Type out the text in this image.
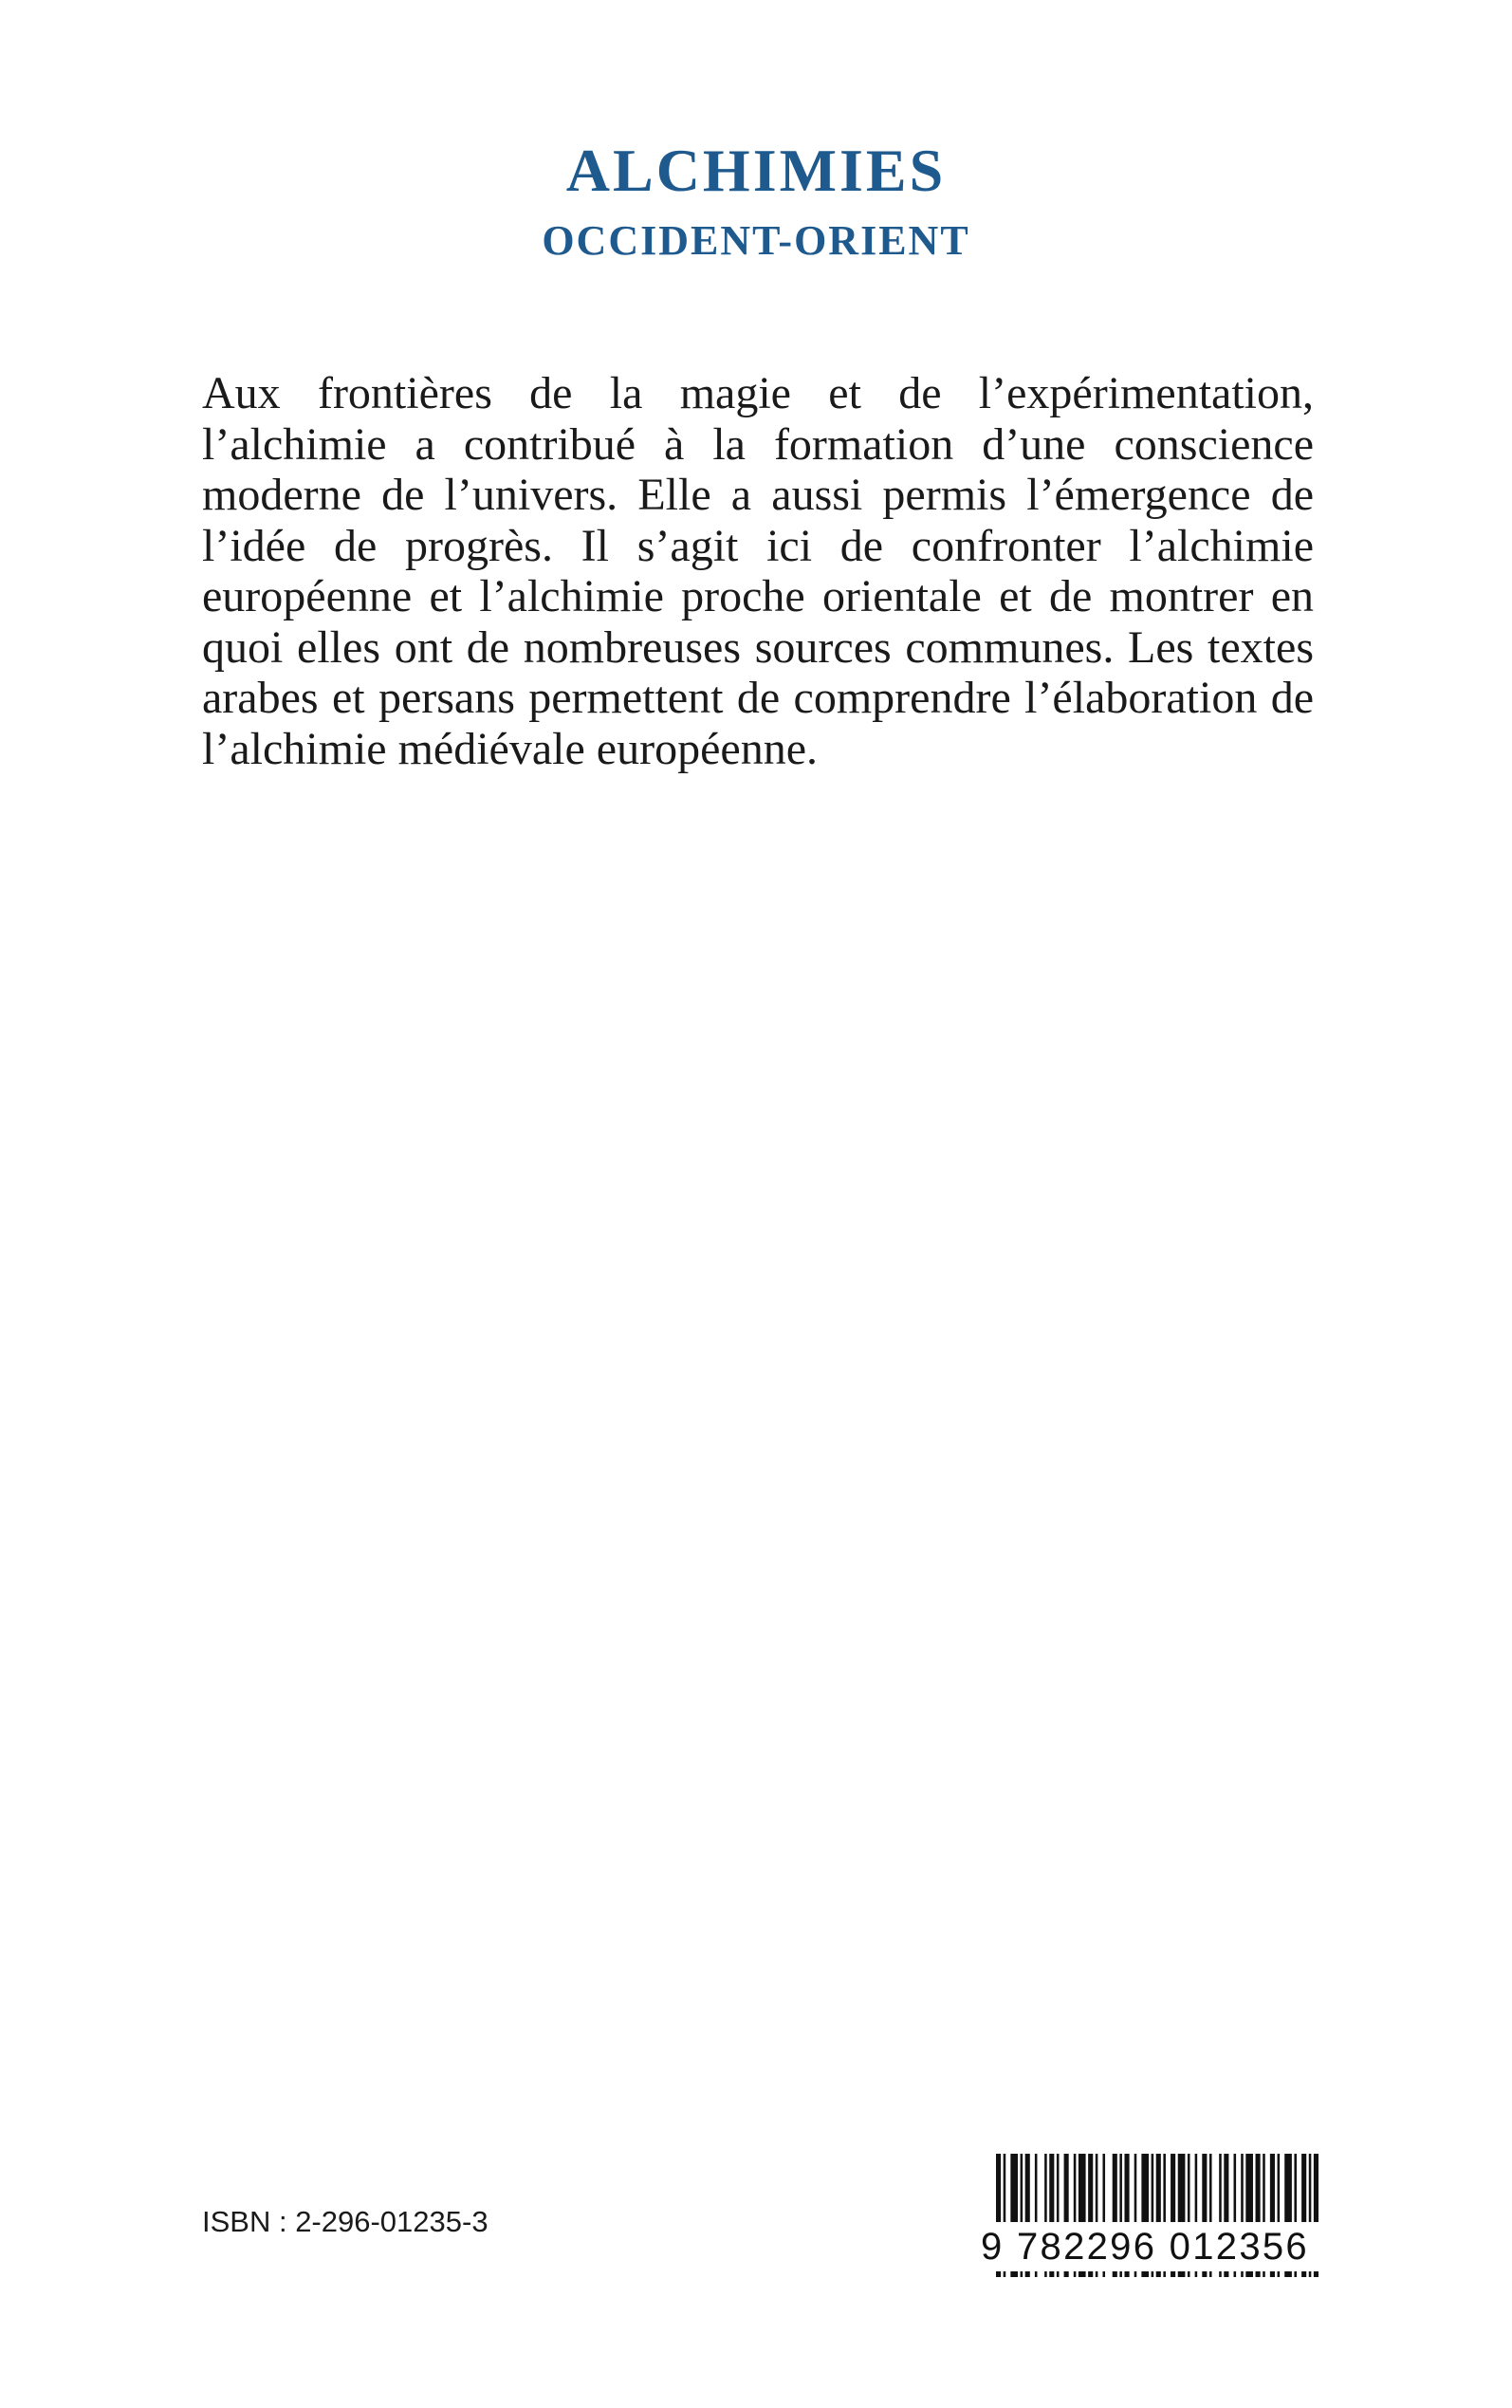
ALCHIMIES
OCCIDENT-ORIENT

Aux frontières de la magie et de l’expérimentation, l’alchimie a contribué à la formation d’une conscience moderne de l’univers. Elle a aussi permis l’émergence de l’idée de progrès. Il s’agit ici de confronter l’alchimie européenne et l’alchimie proche orientale et de montrer en quoi elles ont de nombreuses sources communes. Les textes arabes et persans permettent de comprendre l’élaboration de l’alchimie médiévale européenne.

ISBN : 2-296-01235-3
9 782296 012356
